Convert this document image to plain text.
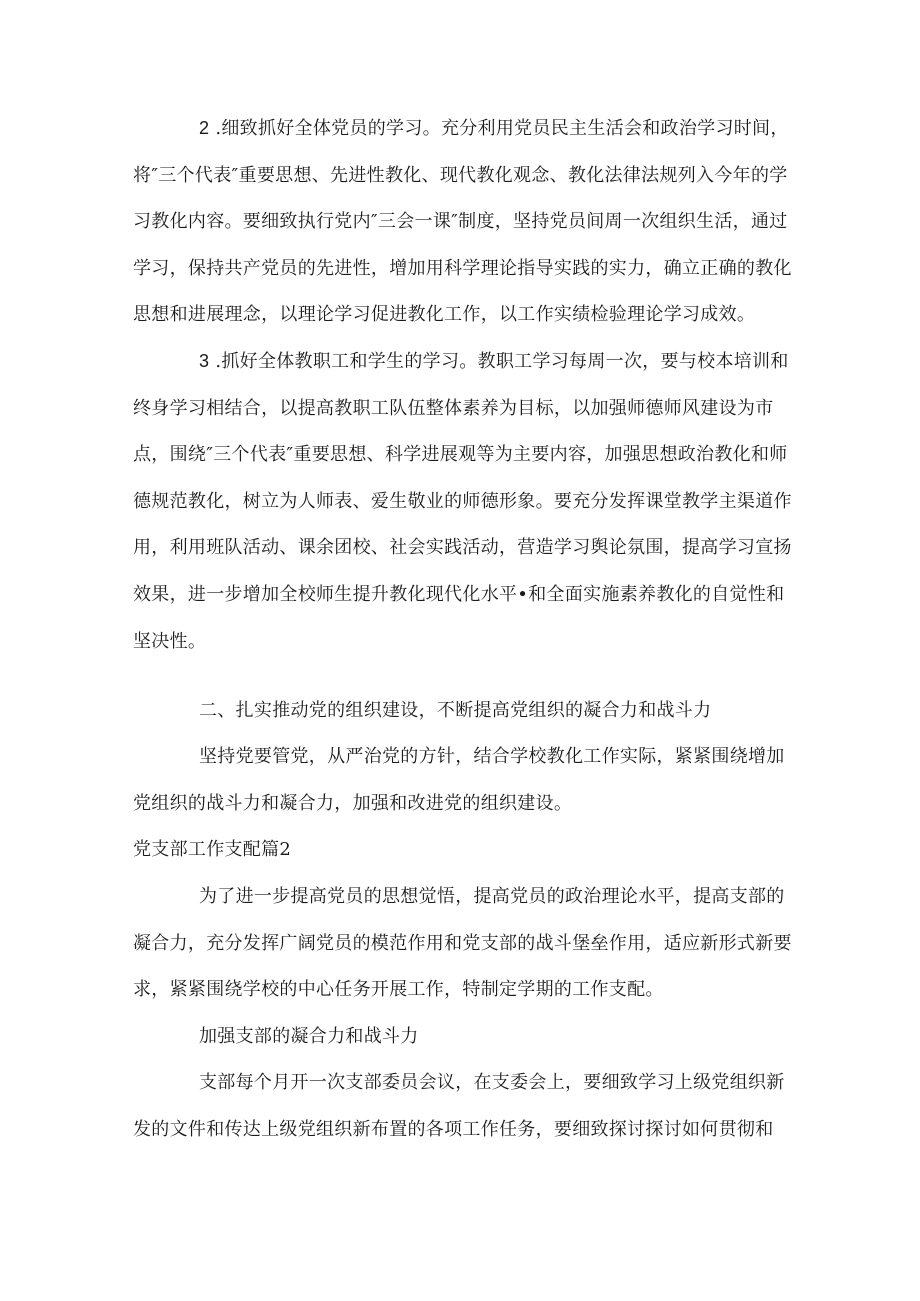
2 .细致抓好全体党员的学习。充分利用党员民主生活会和政治学习时间，将″三个代表″重要思想、先进性教化、现代教化观念、教化法律法规列入今年的学习教化内容。要细致执行党内″三会一课″制度，坚持党员间周一次组织生活，通过学习，保持共产党员的先进性，增加用科学理论指导实践的实力，确立正确的教化思想和进展理念，以理论学习促进教化工作，以工作实绩检验理论学习成效。
3 .抓好全体教职工和学生的学习。教职工学习每周一次，要与校本培训和终身学习相结合，以提高教职工队伍整体素养为目标，以加强师德师风建设为市点，围绕″三个代表″重要思想、科学进展观等为主要内容，加强思想政治教化和师德规范教化，树立为人师表、爱生敬业的师德形象。要充分发挥课堂教学主渠道作用，利用班队活动、课余团校、社会实践活动，营造学习舆论氛围，提高学习宣扬效果，进一步增加全校师生提升教化现代化水平•和全面实施素养教化的自觉性和坚决性。
二、扎实推动党的组织建设，不断提高党组织的凝合力和战斗力
坚持党要管党，从严治党的方针，结合学校教化工作实际，紧紧围绕增加党组织的战斗力和凝合力，加强和改进党的组织建设。
党支部工作支配篇2
为了进一步提高党员的思想觉悟，提高党员的政治理论水平，提高支部的凝合力，充分发挥广阔党员的模范作用和党支部的战斗堡垒作用，适应新形式新要求，紧紧围绕学校的中心任务开展工作，特制定学期的工作支配。
加强支部的凝合力和战斗力
支部每个月开一次支部委员会议，在支委会上，要细致学习上级党组织新发的文件和传达上级党组织新布置的各项工作任务，要细致探讨探讨如何贯彻和
